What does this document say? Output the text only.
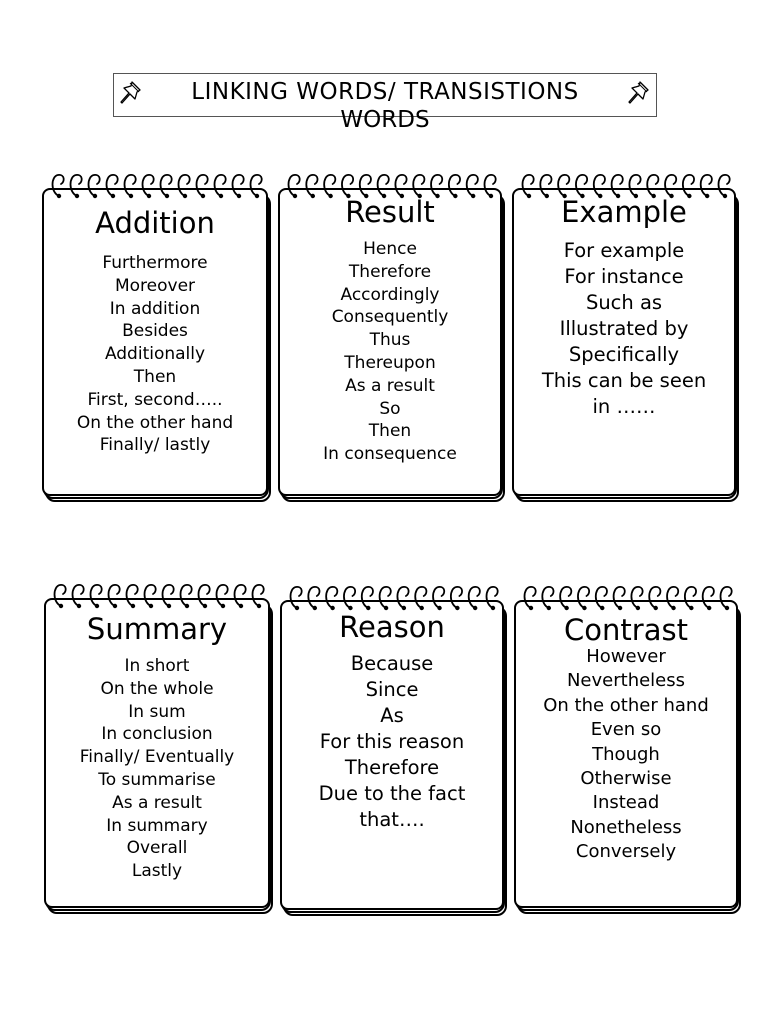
LINKING WORDS/ TRANSISTIONS
WORDS
Addition
Furthermore
Moreover
In addition
Besides
Additionally
Then
First, second…..
On the other hand
Finally/ lastly
Result
Hence
Therefore
Accordingly
Consequently
Thus
Thereupon
As a result
So
Then
In consequence
Example
For example
For instance
Such as
Illustrated by
Specifically
This can be seen
in ……
Summary
In short
On the whole
In sum
In conclusion
Finally/ Eventually
To summarise
As a result
In summary
Overall
Lastly
Reason
Because
Since
As
For this reason
Therefore
Due to the fact
that….
Contrast
However
Nevertheless
On the other hand
Even so
Though
Otherwise
Instead
Nonetheless
Conversely
